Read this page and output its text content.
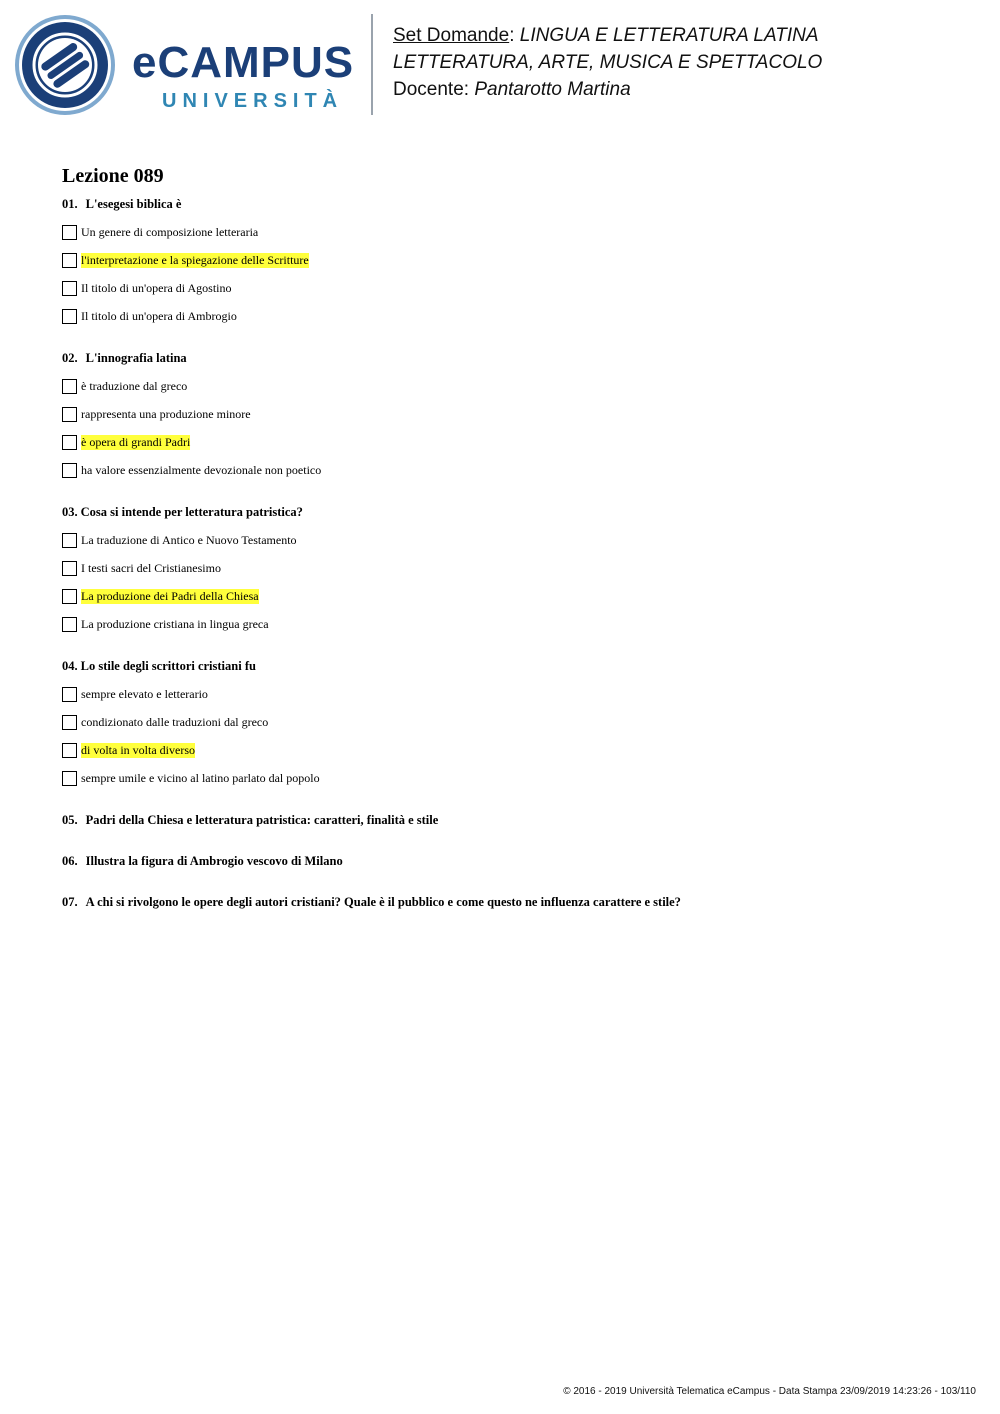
eCAMPUS
UNIVERSITÀ
Set Domande: LINGUA E LETTERATURA LATINA
LETTERATURA, ARTE, MUSICA E SPETTACOLO
Docente: Pantarotto Martina
Lezione 089
01. L'esegesi biblica è
Un genere di composizione letteraria
l'interpretazione e la spiegazione delle Scritture
Il titolo di un'opera di Agostino
Il titolo di un'opera di Ambrogio
02. L'innografia latina
è traduzione dal greco
rappresenta una produzione minore
è opera di grandi Padri
ha valore essenzialmente devozionale non poetico
03. Cosa si intende per letteratura patristica?
La traduzione di Antico e Nuovo Testamento
I testi sacri del Cristianesimo
La produzione dei Padri della Chiesa
La produzione cristiana in lingua greca
04. Lo stile degli scrittori cristiani fu
sempre elevato e letterario
condizionato dalle traduzioni dal greco
di volta in volta diverso
sempre umile e vicino al latino parlato dal popolo
05. Padri della Chiesa e letteratura patristica: caratteri, finalità e stile
06. Illustra la figura di Ambrogio vescovo di Milano
07. A chi si rivolgono le opere degli autori cristiani? Quale è il pubblico e come questo ne influenza carattere e stile?
© 2016 - 2019 Università Telematica eCampus - Data Stampa 23/09/2019 14:23:26 - 103/110
